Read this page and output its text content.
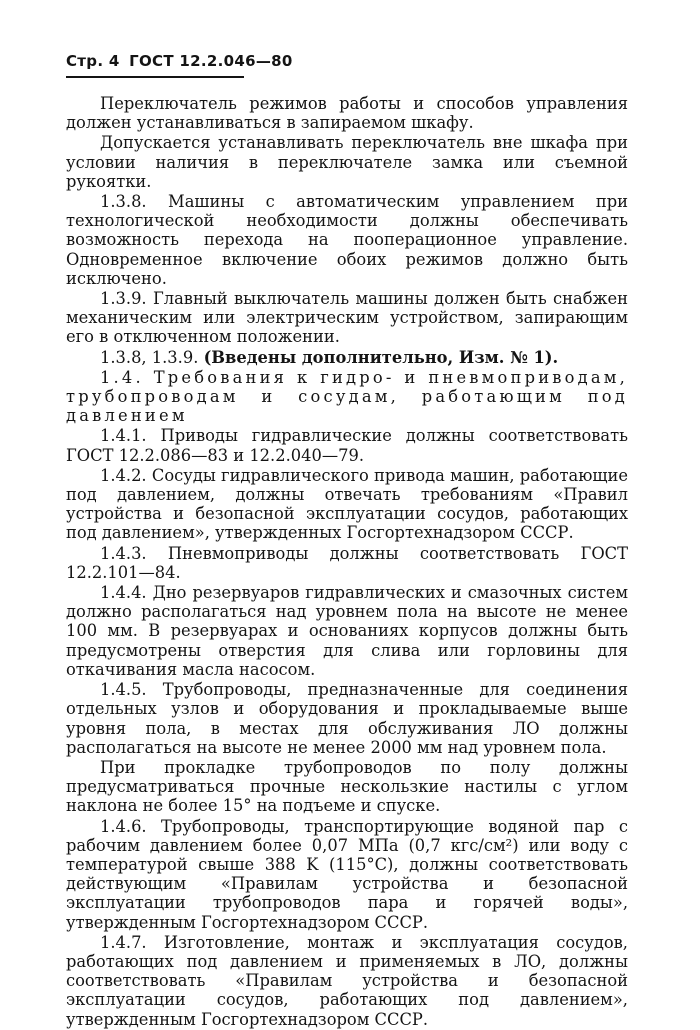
Стр. 4 ГОСТ 12.2.046—80

Переключатель режимов работы и способов управления должен устанавливаться в запираемом шкафу.

Допускается устанавливать переключатель вне шкафа при условии наличия в переключателе замка или съемной рукоятки.

1.3.8. Машины с автоматическим управлением при технологической необходимости должны обеспечивать возможность перехода на пооперационное управление. Одновременное включение обоих режимов должно быть исключено.

1.3.9. Главный выключатель машины должен быть снабжен механическим или электрическим устройством, запирающим его в отключенном положении.

1.3.8, 1.3.9. (Введены дополнительно, Изм. № 1).

1.4. Требования к гидро- и пневмоприводам, трубопроводам и сосудам, работающим под давлением

1.4.1. Приводы гидравлические должны соответствовать ГОСТ 12.2.086—83 и 12.2.040—79.

1.4.2. Сосуды гидравлического привода машин, работающие под давлением, должны отвечать требованиям «Правил устройства и безопасной эксплуатации сосудов, работающих под давлением», утвержденных Госгортехнадзором СССР.

1.4.3. Пневмоприводы должны соответствовать ГОСТ 12.2.101—84.

1.4.4. Дно резервуаров гидравлических и смазочных систем должно располагаться над уровнем пола на высоте не менее 100 мм. В резервуарах и основаниях корпусов должны быть предусмотрены отверстия для слива или горловины для откачивания масла насосом.

1.4.5. Трубопроводы, предназначенные для соединения отдельных узлов и оборудования и прокладываемые выше уровня пола, в местах для обслуживания ЛО должны располагаться на высоте не менее 2000 мм над уровнем пола.

При прокладке трубопроводов по полу должны предусматриваться прочные нескользкие настилы с углом наклона не более 15° на подъеме и спуске.

1.4.6. Трубопроводы, транспортирующие водяной пар с рабочим давлением более 0,07 МПа (0,7 кгс/см²) или воду с температурой свыше 388 K (115°C), должны соответствовать действующим «Правилам устройства и безопасной эксплуатации трубопроводов пара и горячей воды», утвержденным Госгортехнадзором СССР.

1.4.7. Изготовление, монтаж и эксплуатация сосудов, работающих под давлением и применяемых в ЛО, должны соответствовать «Правилам устройства и безопасной эксплуатации сосудов, работающих под давлением», утвержденным Госгортехнадзором СССР.
